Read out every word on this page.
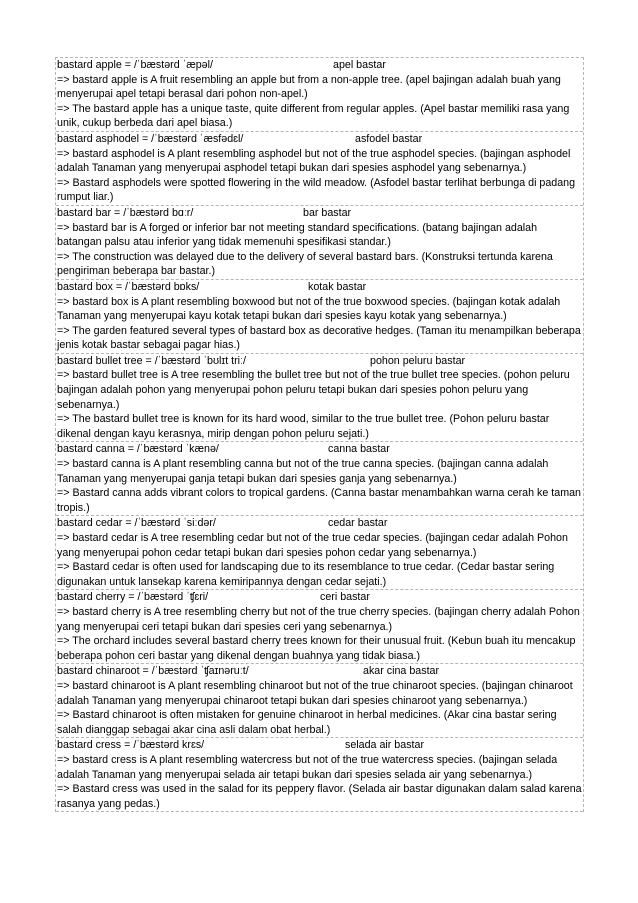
bastard apple = /ˈbæstərd ˈæpəl/	apel bastar
=> bastard apple is A fruit resembling an apple but from a non-apple tree. (apel bajingan adalah buah yang menyerupai apel tetapi berasal dari pohon non-apel.)
=> The bastard apple has a unique taste, quite different from regular apples. (Apel bastar memiliki rasa yang unik, cukup berbeda dari apel biasa.)
bastard asphodel = /ˈbæstərd ˈæsfədɛl/	asfodel bastar
=> bastard asphodel is A plant resembling asphodel but not of the true asphodel species. (bajingan asphodel adalah Tanaman yang menyerupai asphodel tetapi bukan dari spesies asphodel yang sebenarnya.)
=> Bastard asphodels were spotted flowering in the wild meadow. (Asfodel bastar terlihat berbunga di padang rumput liar.)
bastard bar = /ˈbæstərd bɑːr/	bar bastar
=> bastard bar is A forged or inferior bar not meeting standard specifications. (batang bajingan adalah batangan palsu atau inferior yang tidak memenuhi spesifikasi standar.)
=> The construction was delayed due to the delivery of several bastard bars. (Konstruksi tertunda karena pengiriman beberapa bar bastar.)
bastard box = /ˈbæstərd bɒks/	kotak bastar
=> bastard box is A plant resembling boxwood but not of the true boxwood species. (bajingan kotak adalah Tanaman yang menyerupai kayu kotak tetapi bukan dari spesies kayu kotak yang sebenarnya.)
=> The garden featured several types of bastard box as decorative hedges. (Taman itu menampilkan beberapa jenis kotak bastar sebagai pagar hias.)
bastard bullet tree = /ˈbæstərd ˈbʊlɪt triː/	pohon peluru bastar
=> bastard bullet tree is A tree resembling the bullet tree but not of the true bullet tree species. (pohon peluru bajingan adalah pohon yang menyerupai pohon peluru tetapi bukan dari spesies pohon peluru yang sebenarnya.)
=> The bastard bullet tree is known for its hard wood, similar to the true bullet tree. (Pohon peluru bastar dikenal dengan kayu kerasnya, mirip dengan pohon peluru sejati.)
bastard canna = /ˈbæstərd ˈkænə/	canna bastar
=> bastard canna is A plant resembling canna but not of the true canna species. (bajingan canna adalah Tanaman yang menyerupai ganja tetapi bukan dari spesies ganja yang sebenarnya.)
=> Bastard canna adds vibrant colors to tropical gardens. (Canna bastar menambahkan warna cerah ke taman tropis.)
bastard cedar = /ˈbæstərd ˈsiːdər/	cedar bastar
=> bastard cedar is A tree resembling cedar but not of the true cedar species. (bajingan cedar adalah Pohon yang menyerupai pohon cedar tetapi bukan dari spesies pohon cedar yang sebenarnya.)
=> Bastard cedar is often used for landscaping due to its resemblance to true cedar. (Cedar bastar sering digunakan untuk lansekap karena kemiripannya dengan cedar sejati.)
bastard cherry = /ˈbæstərd ˈʧɛri/	ceri bastar
=> bastard cherry is A tree resembling cherry but not of the true cherry species. (bajingan cherry adalah Pohon yang menyerupai ceri tetapi bukan dari spesies ceri yang sebenarnya.)
=> The orchard includes several bastard cherry trees known for their unusual fruit. (Kebun buah itu mencakup beberapa pohon ceri bastar yang dikenal dengan buahnya yang tidak biasa.)
bastard chinaroot = /ˈbæstərd ˈʧaɪnəruːt/	akar cina bastar
=> bastard chinaroot is A plant resembling chinaroot but not of the true chinaroot species. (bajingan chinaroot adalah Tanaman yang menyerupai chinaroot tetapi bukan dari spesies chinaroot yang sebenarnya.)
=> Bastard chinaroot is often mistaken for genuine chinaroot in herbal medicines. (Akar cina bastar sering salah dianggap sebagai akar cina asli dalam obat herbal.)
bastard cress = /ˈbæstərd krɛs/	selada air bastar
=> bastard cress is A plant resembling watercress but not of the true watercress species. (bajingan selada adalah Tanaman yang menyerupai selada air tetapi bukan dari spesies selada air yang sebenarnya.)
=> Bastard cress was used in the salad for its peppery flavor. (Selada air bastar digunakan dalam salad karena rasanya yang pedas.)
